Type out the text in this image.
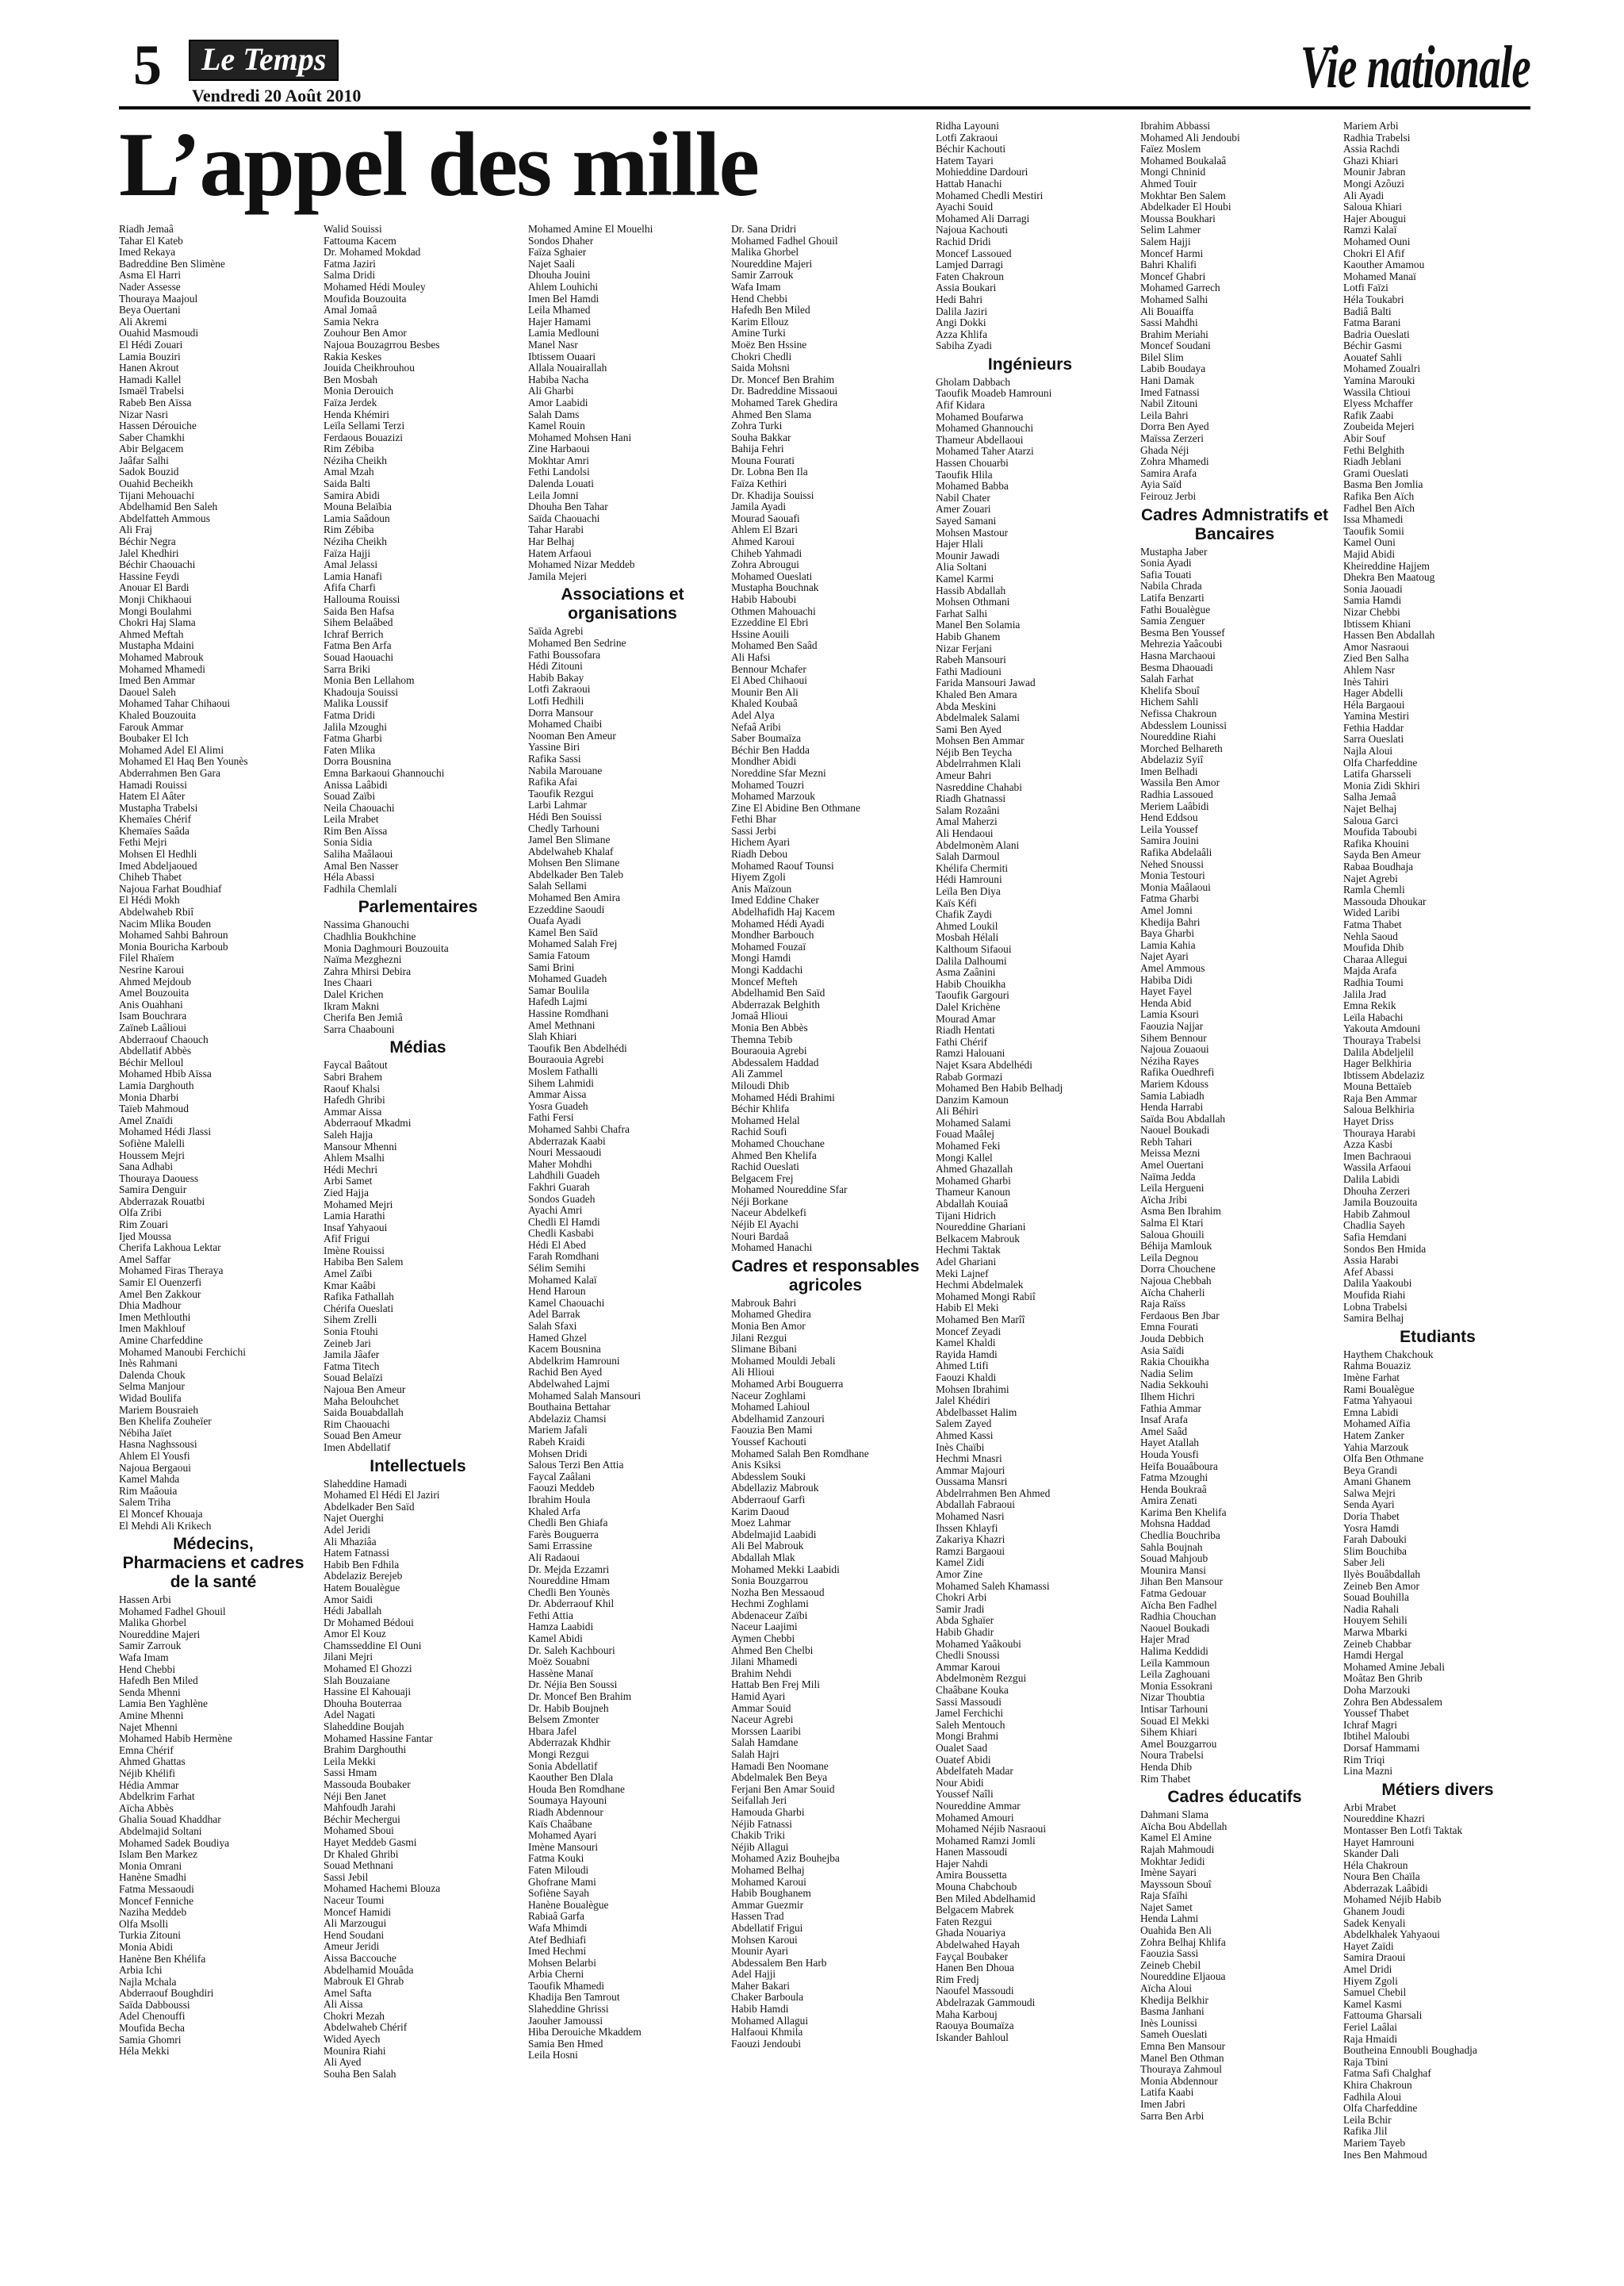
5	Le Temps
Vendredi 20 Août 2010	Vie nationale
L’appel des mille
Riadh Jemaâ
Tahar El Kateb
Imed Rekaya
Badreddine Ben Slimène
Asma El Harri
Nader Assesse
Thouraya Maajoul
Beya Ouertani
Ali Akremi
Ouahid Masmoudi
El Hédi Zouari
Lamia Bouziri
Hanen Akrout
Hamadi Kallel
Ismaël Trabelsi
Rabeb Ben Aïssa
Nizar Nasri
Hassen Dérouiche
Saber Chamkhi
Abir Belgacem
Jaâfar Salhi
Sadok Bouzid
Ouahid Becheikh
Tijani Mehouachi
Abdelhamid Ben Saleh
Abdelfatteh Ammous
Ali Fraj
Béchir Negra
Jalel Khedhiri
Béchir Chaouachi
Hassine Feydi
Anouar El Bardi
Monji Chikhaoui
Mongi Boulahmi
Chokri Haj Slama
Ahmed Meftah
Mustapha Mdaini
Mohamed Mabrouk
Mohamed Mhamedi
Imed Ben Ammar
Daouel Saleh
Mohamed Tahar Chihaoui
Khaled Bouzouita
Farouk Ammar
Boubaker El Ich
Mohamed Adel El Alimi
Mohamed El Haq Ben Younès
Abderrahmen Ben Gara
Hamadi Rouissi
Hatem El Aâter
Mustapha Trabelsi
Khemaïes Chérif
Khemaïes Saâda
Fethi Mejri
Mohsen El Hedhli
Imed Abdeljaoued
Chiheb Thabet
Najoua Farhat Boudhiaf
El Hédi Mokh
Abdelwaheb Rbiî
Nacim Mlika Bouden
Mohamed Sahbi Bahroun
Monia Bouricha Karboub
Filel Rhaïem
Nesrine Karoui
Ahmed Mejdoub
Amel Bouzouita
Anis Ouahhani
Isam Bouchrara
Zaïneb Laâlioui
Abderraouf Chaouch
Abdellatif Abbès
Béchir Melloul
Mohamed Hbib Aïssa
Lamia Darghouth
Monia Dharbi
Taïeb Mahmoud
Amel Znaïdi
Mohamed Hédi Jlassi
Sofiène Malelli
Houssem Mejri
Sana Adhabi
Thouraya Daouess
Samira Denguir
Abderrazak Rouatbi
Olfa Zribi
Rim Zouari
Ijed Moussa
Cherifa Lakhoua Lektar
Amel Saffar
Mohamed Firas Theraya
Samir El Ouenzerfi
Amel Ben Zakkour
Dhia Madhour
Imen Methlouthi
Imen Makhlouf
Amine Charfeddine
Mohamed Manoubi Ferchichi
Inès Rahmani
Dalenda Chouk
Selma Manjour
Widad Boulifa
Mariem Bousraieh
Ben Khelifa Zouheïer
Nébiha Jaïet
Hasna Naghssousi
Ahlem El Yousfi
Najoua Bergaoui
Kamel Mahda
Rim Maâouia
Salem Triha
El Moncef Khouaja
El Mehdi Ali Krikech
Médecins, Pharmaciens et cadres de la santé
Hassen Arbi
Mohamed Fadhel Ghouil
Malika Ghorbel
Noureddine Majeri
Samir Zarrouk
Wafa Imam
Hend Chebbi
Hafedh Ben Miled
Senda Mhenni
Lamia Ben Yaghlène
Amine Mhenni
Najet Mhenni
Mohamed Habib Hermène
Emna Chérif
Ahmed Ghattas
Néjib Khélifi
Hédia Ammar
Abdelkrim Farhat
Aïcha Abbès
Ghalia Souad Khaddhar
Abdelmajid Soltani
Mohamed Sadek Boudiya
Islam Ben Markez
Monia Omrani
Hanène Smadhi
Fatma Messaoudi
Moncef Fenniche
Naziha Meddeb
Olfa Msolli
Turkia Zitouni
Monia Abidi
Hanène Ben Khélifa
Arbia Ichi
Najla Mchala
Abderraouf Boughdiri
Saïda Dabboussi
Adel Chenouffi
Moufida Becha
Samia Ghomri
Héla Mekki
Walid Souissi
Fattouma Kacem
Dr. Mohamed Mokdad
Fatma Jaziri
Salma Dridi
Mohamed Hédi Mouley
Moufida Bouzouita
Amal Jomaâ
Samia Nekra
Zouhour Ben Amor
Najoua Bouzagrrou Besbes
Rakia Keskes
Jouida Cheikhrouhou
Ben Mosbah
Monia Derouich
Faïza Jerdek
Henda Khémiri
Leïla Sellami Terzi
Ferdaous Bouazizi
Rim Zébiba
Néziha Cheikh
Amal Mzah
Saida Balti
Samira Abidi
Mouna Belaïbia
Lamia Saâdoun
Rim Zébiba
Néziha Cheikh
Faïza Hajji
Amal Jelassi
Lamia Hanafi
Afifa Charfi
Hallouma Rouissi
Saida Ben Hafsa
Sihem Belaâbed
Ichraf Berrich
Fatma Ben Arfa
Souad Haouachi
Sarra Briki
Monia Ben Lellahom
Khadouja Souissi
Malika Loussif
Fatma Dridi
Jalila Mzoughi
Fatma Gharbi
Faten Mlika
Dorra Bousnina
Emna Barkaoui Ghannouchi
Anissa Laâbidi
Souad Zaïbi
Neila Chaouachi
Leila Mrabet
Rim Ben Aïssa
Sonia Sidia
Saliha Maâlaoui
Amal Ben Nasser
Héla Abassi
Fadhila Chemlali
Parlementaires
Nassima Ghanouchi
Chadhlia Boukhchine
Monia Daghmouri Bouzouita
Naïma Mezghezni
Zahra Mhirsi Debira
Ines Chaari
Dalel Krichen
Ikram Makni
Cherifa Ben Jemiâ
Sarra Chaabouni
Médias
Faycal Baâtout
Sabri Brahem
Raouf Khalsi
Hafedh Ghribi
Ammar Aissa
Abderraouf Mkadmi
Saleh Hajja
Mansour Mhenni
Ahlem Msalhi
Hédi Mechri
Arbi Samet
Zied Hajja
Mohamed Mejri
Lamia Harathi
Insaf Yahyaoui
Afif Frigui
Imène Rouissi
Habiba Ben Salem
Amel Zaïbi
Kmar Kaâbi
Rafika Fathallah
Chérifa Oueslati
Sihem Zrelli
Sonia Ftouhi
Zeineb Jari
Jamila Jâafer
Fatma Titech
Souad Belaïzi
Najoua Ben Ameur
Maha Belouhchet
Saida Bouabdallah
Rim Chaouachi
Souad Ben Ameur
Imen Abdellatif
Intellectuels
Slaheddine Hamadi
Mohamed El Hédi El Jaziri
Abdelkader Ben Saïd
Najet Ouerghi
Adel Jeridi
Ali Mhaziâa
Hatem Fatnassi
Habib Ben Fdhila
Abdelaziz Berejeb
Hatem Boualègue
Amor Saidi
Hédi Jaballah
Dr Mohamed Bédoui
Amor El Kouz
Chamsseddine El Ouni
Jilani Mejri
Mohamed El Ghozzi
Slah Bouzaiane
Hassine El Kahouaji
Dhouha Bouterraa
Adel Nagati
Slaheddine Boujah
Mohamed Hassine Fantar
Brahim Darghouthi
Leila Mekki
Sassi Hmam
Massouda Boubaker
Néji Ben Janet
Mahfoudh Jarahi
Béchir Mechergui
Mohamed Sboui
Hayet Meddeb Gasmi
Dr Khaled Ghribi
Souad Methnani
Sassi Jebil
Mohamed Hachemi Blouza
Naceur Toumi
Moncef Hamidi
Ali Marzougui
Hend Soudani
Ameur Jeridi
Aissa Baccouche
Abdelhamid Mouâda
Mabrouk El Ghrab
Amel Safta
Ali Aissa
Chokri Mezah
Abdelwaheb Chérif
Wided Ayech
Mounira Riahi
Ali Ayed
Souha Ben Salah
Mohamed Amine El Mouelhi
Sondos Dhaher
Faïza Sghaier
Najet Saali
Dhouha Jouini
Ahlem Louhichi
Imen Bel Hamdi
Leila Mhamed
Hajer Hamami
Lamia Medlouni
Manel Nasr
Ibtissem Ouaari
Allala Nouairallah
Habiba Nacha
Ali Gharbi
Amor Laabidi
Salah Dams
Kamel Rouin
Mohamed Mohsen Hani
Zine Harbaoui
Mokhtar Amri
Fethi Landolsi
Dalenda Louati
Leila Jomni
Dhouha Ben Tahar
Saïda Chaouachi
Tahar Harabi
Har Belhaj
Hatem Arfaoui
Mohamed Nizar Meddeb
Jamila Mejeri
Associations et organisations
Saïda Agrebi
Mohamed Ben Sedrine
Fathi Boussofara
Hédi Zitouni
Habib Bakay
Lotfi Zakraoui
Lotfi Hedhili
Dorra Mansour
Mohamed Chaibi
Nooman Ben Ameur
Yassine Biri
Rafika Sassi
Nabila Marouane
Rafika Afai
Taoufik Rezgui
Larbi Lahmar
Hédi Ben Souissi
Chedly Tarhouni
Jamel Ben Slimane
Abdelwaheb Khalaf
Mohsen Ben Slimane
Abdelkader Ben Taleb
Salah Sellami
Mohamed Ben Amira
Ezzeddine Saoudi
Ouafa Ayadi
Kamel Ben Saïd
Mohamed Salah Frej
Samia Fatoum
Sami Brini
Mohamed Guadeh
Samar Boulila
Hafedh Lajmi
Hassine Romdhani
Amel Methnani
Slah Khiari
Taoufik Ben Abdelhédi
Bouraouia Agrebi
Moslem Fathalli
Sihem Lahmidi
Ammar Aissa
Yosra Guadeh
Fathi Fersi
Mohamed Sahbi Chafra
Abderrazak Kaabi
Nouri Messaoudi
Maher Mohdhi
Lahdhili Guadeh
Fakhri Guarah
Sondos Guadeh
Ayachi Amri
Chedli El Hamdi
Chedli Kasbabi
Hédi El Abed
Farah Romdhani
Sélim Semihi
Mohamed Kalaï
Hend Haroun
Kamel Chaouachi
Adel Barrak
Salah Sfaxi
Hamed Ghzel
Kacem Bousnina
Abdelkrim Hamrouni
Rachid Ben Ayed
Abdelwahed Lajmi
Mohamed Salah Mansouri
Bouthaina Bettahar
Abdelaziz Chamsi
Mariem Jafali
Rabeh Kraidi
Mohsen Dridi
Salous Terzi Ben Attia
Faycal Zaâlani
Faouzi Meddeb
Ibrahim Houla
Khaled Arfa
Chedli Ben Ghiafa
Farès Bouguerra
Sami Errassine
Ali Radaoui
Dr. Mejda Ezzamri
Noureddine Hmam
Chedli Ben Younès
Dr. Abderraouf Khil
Fethi Attia
Hamza Laabidi
Kamel Abidi
Dr. Saleh Kachbouri
Moëz Souabni
Hassène Manaï
Dr. Néjia Ben Soussi
Dr. Moncef Ben Brahim
Dr. Habib Boujneh
Belsem Zmonter
Hbara Jafel
Abderrazak Khdhir
Mongi Rezgui
Sonia Abdellatif
Kaouther Ben Dlala
Houda Ben Romdhane
Soumaya Hayouni
Riadh Abdennour
Kaïs Chaâbane
Mohamed Ayari
Imène Mansouri
Fatma Kouki
Faten Miloudi
Ghofrane Mami
Sofiène Sayah
Hanène Boualègue
Rabiaâ Garfa
Wafa Mhimdi
Atef Bedhiafi
Imed Hechmi
Mohsen Belarbi
Arbia Cherni
Taoufik Mhamedi
Khadija Ben Tamrout
Slaheddine Ghrissi
Jaouher Jamoussi
Hiba Derouiche Mkaddem
Samia Ben Hmed
Leila Hosni
Dr. Sana Dridri
Mohamed Fadhel Ghouil
Malika Ghorbel
Noureddine Majeri
Samir Zarrouk
Wafa Imam
Hend Chebbi
Hafedh Ben Miled
Karim Ellouz
Amine Turki
Moëz Ben Hssine
Chokri Chedli
Saida Mohsni
Dr. Moncef Ben Brahim
Dr. Badreddine Missaoui
Mohamed Tarek Ghedira
Ahmed Ben Slama
Zohra Turki
Souha Bakkar
Bahija Fehri
Mouna Fourati
Dr. Lobna Ben Ila
Faïza Kethiri
Dr. Khadija Souissi
Jamila Ayadi
Mourad Saouafi
Ahlem El Bzari
Ahmed Karoui
Chiheb Yahmadi
Zohra Abrougui
Mohamed Oueslati
Mustapha Bouchnak
Habib Haboubi
Othmen Mahouachi
Ezzeddine El Ebri
Hssine Aouili
Mohamed Ben Saâd
Ali Hafsi
Bennour Mchafer
El Abed Chihaoui
Mounir Ben Ali
Khaled Koubaâ
Adel Alya
Nefaâ Aribi
Saber Boumaïza
Béchir Ben Hadda
Mondher Abidi
Noreddine Sfar Mezni
Mohamed Touzri
Mohamed Marzouk
Zine El Abidine Ben Othmane
Fethi Bhar
Sassi Jerbi
Hichem Ayari
Riadh Debou
Mohamed Raouf Tounsi
Hiyem Zgoli
Anis Maïzoun
Imed Eddine Chaker
Abdelhafidh Haj Kacem
Mohamed Hédi Ayadi
Mondher Barbouch
Mohamed Fouzaï
Mongi Hamdi
Mongi Kaddachi
Moncef Mefteh
Abdelhamid Ben Saïd
Abderrazak Belghith
Jomaâ Hlioui
Monia Ben Abbès
Themna Tebib
Bouraouia Agrebi
Abdessalem Haddad
Ali Zammel
Miloudi Dhib
Mohamed Hédi Brahimi
Béchir Khlifa
Mohamed Helal
Rachid Soufi
Mohamed Chouchane
Ahmed Ben Khelifa
Rachid Oueslati
Belgacem Frej
Mohamed Noureddine Sfar
Néji Borkane
Naceur Abdelkefi
Néjib El Ayachi
Nouri Bardaâ
Mohamed Hanachi
Cadres et responsables agricoles
Mabrouk Bahri
Mohamed Ghedira
Monia Ben Amor
Jilani Rezgui
Slimane Bibani
Mohamed Mouldi Jebali
Ali Hlioui
Mohamed Arbi Bouguerra
Naceur Zoghlami
Mohamed Lahioul
Abdelhamid Zanzouri
Faouzia Ben Mami
Youssef Kachouti
Mohamed Salah Ben Romdhane
Anis Ksiksi
Abdesslem Souki
Abdellaziz Mabrouk
Abderraouf Garfi
Karim Daoud
Moez Lahmar
Abdelmajid Laabidi
Ali Bel Mabrouk
Abdallah Mlak
Mohamed Mekki Laabidi
Sonia Bouzgarrou
Nozha Ben Messaoud
Hechmi Zoghlami
Abdenaceur Zaïbi
Naceur Laajimi
Aymen Chebbi
Ahmed Ben Chelbi
Jilani Mhamedi
Brahim Nehdi
Hattab Ben Frej Mili
Hamid Ayari
Ammar Souid
Naceur Agrebi
Morssen Laaribi
Salah Hamdane
Salah Hajri
Hamadi Ben Noomane
Abdelmalek Ben Beya
Ferjani Ben Amar Souid
Seifallah Jeri
Hamouda Gharbi
Néjib Fatnassi
Chakib Triki
Néjib Allagui
Mohamed Aziz Bouhejba
Mohamed Belhaj
Mohamed Karoui
Habib Boughanem
Ammar Guezmir
Hassen Trad
Abdellatif Frigui
Mohsen Karoui
Mounir Ayari
Abdessalem Ben Harb
Adel Hajji
Maher Bakari
Chaker Barboula
Habib Hamdi
Mohamed Allagui
Halfaoui Khmila
Faouzi Jendoubi
Ridha Layouni
Lotfi Zakraoui
Béchir Kachouti
Hatem Tayari
Mohieddine Dardouri
Hattab Hanachi
Mohamed Chedli Mestiri
Ayachi Souid
Mohamed Ali Darragi
Najoua Kachouti
Rachid Dridi
Moncef Lassoued
Lamjed Darragi
Faten Chakroun
Assia Boukari
Hedi Bahri
Dalila Jaziri
Angi Dokki
Azza Khlifa
Sabiha Zyadi
Ingénieurs
Gholam Dabbach
Taoufik Moadeb Hamrouni
Afif Kidara
Mohamed Boufarwa
Mohamed Ghannouchi
Thameur Abdellaoui
Mohamed Taher Atarzi
Hassen Chouarbi
Taoufik Hlila
Mohamed Babba
Nabil Chater
Amer Zouari
Sayed Samani
Mohsen Mastour
Hajer Hlali
Mounir Jawadi
Alia Soltani
Kamel Karmi
Hassib Abdallah
Mohsen Othmani
Farhat Salhi
Manel Ben Solamia
Habib Ghanem
Nizar Ferjani
Rabeh Mansouri
Fathi Madiouni
Farida Mansouri Jawad
Khaled Ben Amara
Abda Meskini
Abdelmalek Salami
Sami Ben Ayed
Mohsen Ben Ammar
Néjib Ben Teycha
Abdelrrahmen Klali
Ameur Bahri
Nasreddine Chahabi
Riadh Ghatnassi
Salam Rozaâni
Amal Maherzi
Ali Hendaoui
Abdelmonèm Alani
Salah Darmoul
Khélifa Chermiti
Hédi Hamrouni
Leïla Ben Diya
Kaïs Kéfi
Chafik Zaydi
Ahmed Loukil
Mosbah Hélali
Kalthoum Sifaoui
Dalila Dalhoumi
Asma Zaânini
Habib Chouikha
Taoufik Gargouri
Dalel Krichène
Mourad Amar
Riadh Hentati
Fathi Chérif
Ramzi Halouani
Najet Ksara Abdelhédi
Rabab Gormazi
Mohamed Ben Habib Belhadj
Danzim Kamoun
Ali Béhiri
Mohamed Salami
Fouad Maâlej
Mohamed Feki
Mongi Kallel
Ahmed Ghazallah
Mohamed Gharbi
Thameur Kanoun
Abdallah Kouiaâ
Tijani Hidrich
Noureddine Ghariani
Belkacem Mabrouk
Hechmi Taktak
Adel Ghariani
Meki Lajnef
Hechmi Abdelmalek
Mohamed Mongi Rabiî
Habib El Meki
Mohamed Ben Marîî
Moncef Zeyadi
Kamel Khaldi
Rayida Hamdi
Ahmed Ltifi
Faouzi Khaldi
Mohsen Ibrahimi
Jalel Khédiri
Abdelbasset Halim
Salem Zayed
Ahmed Kassi
Inès Chaïbi
Hechmi Mnasri
Ammar Majouri
Oussama Mansri
Abdelrrahmen Ben Ahmed
Abdallah Fabraoui
Mohamed Nasri
Ihssen Khlayfi
Zakariya Khazri
Ramzi Bargaoui
Kamel Zidi
Amor Zine
Mohamed Saleh Khamassi
Chokri Arbi
Samir Jradi
Abda Sghaïer
Habib Ghadir
Mohamed Yaâkoubi
Chedli Snoussi
Ammar Karoui
Abdelmonèm Rezgui
Chaâbane Kouka
Sassi Massoudi
Jamel Ferchichi
Saleh Mentouch
Mongi Brahmi
Oualet Saad
Ouatef Abidi
Abdelfateh Madar
Nour Abidi
Youssef Naîli
Noureddine Ammar
Mohamed Amouri
Mohamed Néjib Nasraoui
Mohamed Ramzi Jomli
Hanen Massoudi
Hajer Nahdi
Amira Boussetta
Mouna Chabchoub
Ben Miled Abdelhamid
Belgacem Mabrek
Faten Rezgui
Ghada Nouariya
Abdelwahed Hayah
Fayçal Boubaker
Hanen Ben Dhoua
Rim Fredj
Naoufel Massoudi
Abdelrazak Gammoudi
Maha Karbouj
Raouya Boumaïza
Iskander Bahloul
Ibrahim Abbassi
Mohamed Ali Jendoubi
Faïez Moslem
Mohamed Boukalaâ
Mongi Chninid
Ahmed Touir
Mokhtar Ben Salem
Abdelkader El Houbi
Moussa Boukhari
Selim Lahmer
Salem Hajji
Moncef Harmi
Bahri Khalifi
Moncef Ghabri
Mohamed Garrech
Mohamed Salhi
Ali Bouaiffa
Sassi Mahdhi
Brahim Meriahi
Moncef Soudani
Bilel Slim
Labib Boudaya
Hani Damak
Imed Fatnassi
Nabil Zitouni
Leila Bahri
Dorra Ben Ayed
Maïssa Zerzeri
Ghada Néji
Zohra Mhamedi
Samira Arafa
Ayia Saïd
Feirouz Jerbi
Cadres Admnistratifs et Bancaires
Mustapha Jaber
Sonia Ayadi
Safia Touati
Nabila Chrada
Latifa Benzarti
Fathi Boualègue
Samia Zenguer
Besma Ben Youssef
Mehrezia Yaâcoubi
Hasna Marchaoui
Besma Dhaouadi
Salah Farhat
Khelifa Sbouî
Hichem Sahli
Nefissa Chakroun
Abdesslem Lounissi
Noureddine Riahi
Morched Belhareth
Abdelaziz Syiî
Imen Belhadi
Wassila Ben Amor
Radhia Lassoued
Meriem Laâbidi
Hend Eddsou
Leila Youssef
Samira Jouini
Rafika Abdelaâli
Nehed Snoussi
Monia Testouri
Monia Maâlaoui
Fatma Gharbi
Amel Jomni
Khedija Bahri
Baya Gharbi
Lamia Kahia
Najet Ayari
Amel Ammous
Habiba Didi
Hayet Fayel
Henda Abid
Lamia Ksouri
Faouzia Najjar
Sihem Bennour
Najoua Zouaoui
Néziha Rayes
Rafika Ouedhrefi
Mariem Kdouss
Samia Labiadh
Henda Harrabi
Saïda Bou Abdallah
Naouel Boukadi
Rebh Tahari
Meissa Mezni
Amel Ouertani
Naïma Jedda
Leïla Hergueni
Aïcha Jribi
Asma Ben Ibrahim
Salma El Ktari
Saloua Ghouili
Béhija Mamlouk
Leïla Degnou
Dorra Chouchene
Najoua Chebbah
Aïcha Chaherli
Raja Raïss
Ferdaous Ben Jbar
Emna Fourati
Jouda Debbich
Asia Saïdi
Rakia Chouikha
Nadia Selim
Nadia Sekkouhi
Ilhem Hichri
Fathia Ammar
Insaf Arafa
Amel Saâd
Hayet Atallah
Houda Yousfi
Heïfa Bouaâboura
Fatma Mzoughi
Henda Boukraâ
Amira Zenati
Karima Ben Khelifa
Mohsna Haddad
Chedlia Bouchriba
Sahla Boujnah
Souad Mahjoub
Mounira Mansi
Jihan Ben Mansour
Fatma Gedouar
Aïcha Ben Fadhel
Radhia Chouchan
Naouel Boukadi
Hajer Mrad
Halima Keddidi
Leïla Kammoun
Leïla Zaghouani
Monia Essokrani
Nizar Thoubtia
Intisar Tarhouni
Souad El Mekki
Sihem Khiari
Amel Bouzgarrou
Noura Trabelsi
Henda Dhib
Rim Thabet
Cadres éducatifs
Dahmani Slama
Aïcha Bou Abdellah
Kamel El Amine
Rajah Mahmoudi
Mokhtar Jedidi
Imène Sayari
Mayssoun Sbouî
Raja Sfaïhi
Najet Samet
Henda Lahmi
Ouahida Ben Ali
Zohra Belhaj Khlifa
Faouzia Sassi
Zeineb Chebil
Noureddine Eljaoua
Aïcha Aloui
Khedija Belkhir
Basma Janhani
Inès Lounissi
Sameh Oueslati
Emna Ben Mansour
Manel Ben Othman
Thouraya Zahmoul
Monia Abdennour
Latifa Kaabi
Imen Jabri
Sarra Ben Arbi
Mariem Arbi
Radhia Trabelsi
Assia Rachdi
Ghazi Khiari
Mounir Jabran
Mongi Azôuzi
Ali Ayadi
Saloua Khiari
Hajer Abougui
Ramzi Kalaï
Mohamed Ouni
Chokri El Afif
Kaouther Amamou
Mohamed Manaï
Lotfi Faïzi
Héla Toukabri
Badiâ Balti
Fatma Barani
Badria Oueslati
Béchir Gasmi
Aouatef Sahli
Mohamed Zoualri
Yamina Marouki
Wassila Chtioui
Elyess Mchaffer
Rafik Zaabi
Zoubeida Mejeri
Abir Souf
Fethi Belghith
Riadh Jeblani
Grami Oueslati
Basma Ben Jomlia
Rafika Ben Aïch
Fadhel Ben Aïch
Issa Mhamedi
Taoufik Somii
Kamel Ouni
Majid Abidi
Kheireddine Hajjem
Dhekra Ben Maatoug
Sonia Jaouadi
Samia Hamdi
Nizar Chebbi
Ibtissem Khiani
Hassen Ben Abdallah
Amor Nasraoui
Zied Ben Salha
Ahlem Nasr
Inès Tahiri
Hager Abdelli
Héla Bargaoui
Yamina Mestiri
Fethia Haddar
Sarra Oueslati
Najla Aloui
Olfa Charfeddine
Latifa Gharsseli
Monia Zidi Skhiri
Salha Jemaâ
Najet Belhaj
Saloua Garci
Moufida Taboubi
Rafika Khouini
Sayda Ben Ameur
Rabaa Boudhaja
Najet Agrebi
Ramla Chemli
Massouda Dhoukar
Wided Laribi
Fatma Thabet
Nehla Saoud
Moufida Dhib
Charaa Allegui
Majda Arafa
Radhia Toumi
Jalila Jrad
Emna Rekik
Leïla Habachi
Yakouta Amdouni
Thouraya Trabelsi
Dalila Abdeljelil
Hager Belkhiria
Ibtissem Abdelaziz
Mouna Bettaïeb
Raja Ben Ammar
Saloua Belkhiria
Hayet Driss
Thouraya Harabi
Azza Kasbi
Imen Bachraoui
Wassila Arfaoui
Dalila Labidi
Dhouha Zerzeri
Jamila Bouzouita
Habib Zahmoul
Chadlia Sayeh
Safia Hemdani
Sondos Ben Hmida
Assia Harabi
Afef Abassi
Dalila Yaakoubi
Moufida Riahi
Lobna Trabelsi
Samira Belhaj
Etudiants
Haythem Chakchouk
Rahma Bouaziz
Imène Farhat
Rami Boualègue
Fatma Yahyaoui
Emna Labidi
Mohamed Aïfia
Hatem Zanker
Yahia Marzouk
Olfa Ben Othmane
Beya Grandi
Amani Ghanem
Salwa Mejri
Senda Ayari
Doria Thabet
Yosra Hamdi
Farah Dabouki
Slim Bouchiba
Saber Jeli
Ilyès Bouâbdallah
Zeineb Ben Amor
Souad Bouhilla
Nadia Rahali
Houyem Sehili
Marwa Mbarki
Zeineb Chabbar
Hamdi Hergal
Mohamed Amine Jebali
Moâtaz Ben Ghrib
Doha Marzouki
Zohra Ben Abdessalem
Youssef Thabet
Ichraf Magri
Ibtihel Maloubi
Dorsaf Hammami
Rim Triqi
Lina Mazni
Métiers divers
Arbi Mrabet
Noureddine Khazri
Montasser Ben Lotfi Taktak
Hayet Hamrouni
Skander Dali
Héla Chakroun
Noura Ben Chaïla
Abderrazak Laâbidi
Mohamed Néjib Habib
Ghanem Joudi
Sadek Kenyali
Abdelkhalek Yahyaoui
Hayet Zaïdi
Samira Draoui
Amel Dridi
Hiyem Zgoli
Samuel Chebil
Kamel Kasmi
Fattouma Gharsali
Feriel Laâlai
Raja Hmaidi
Boutheina Ennoubli Boughadja
Raja Tbini
Fatma Safi Chalghaf
Khira Chakroun
Fadhila Aloui
Olfa Charfeddine
Leila Bchir
Rafika Jlil
Mariem Tayeb
Ines Ben Mahmoud
